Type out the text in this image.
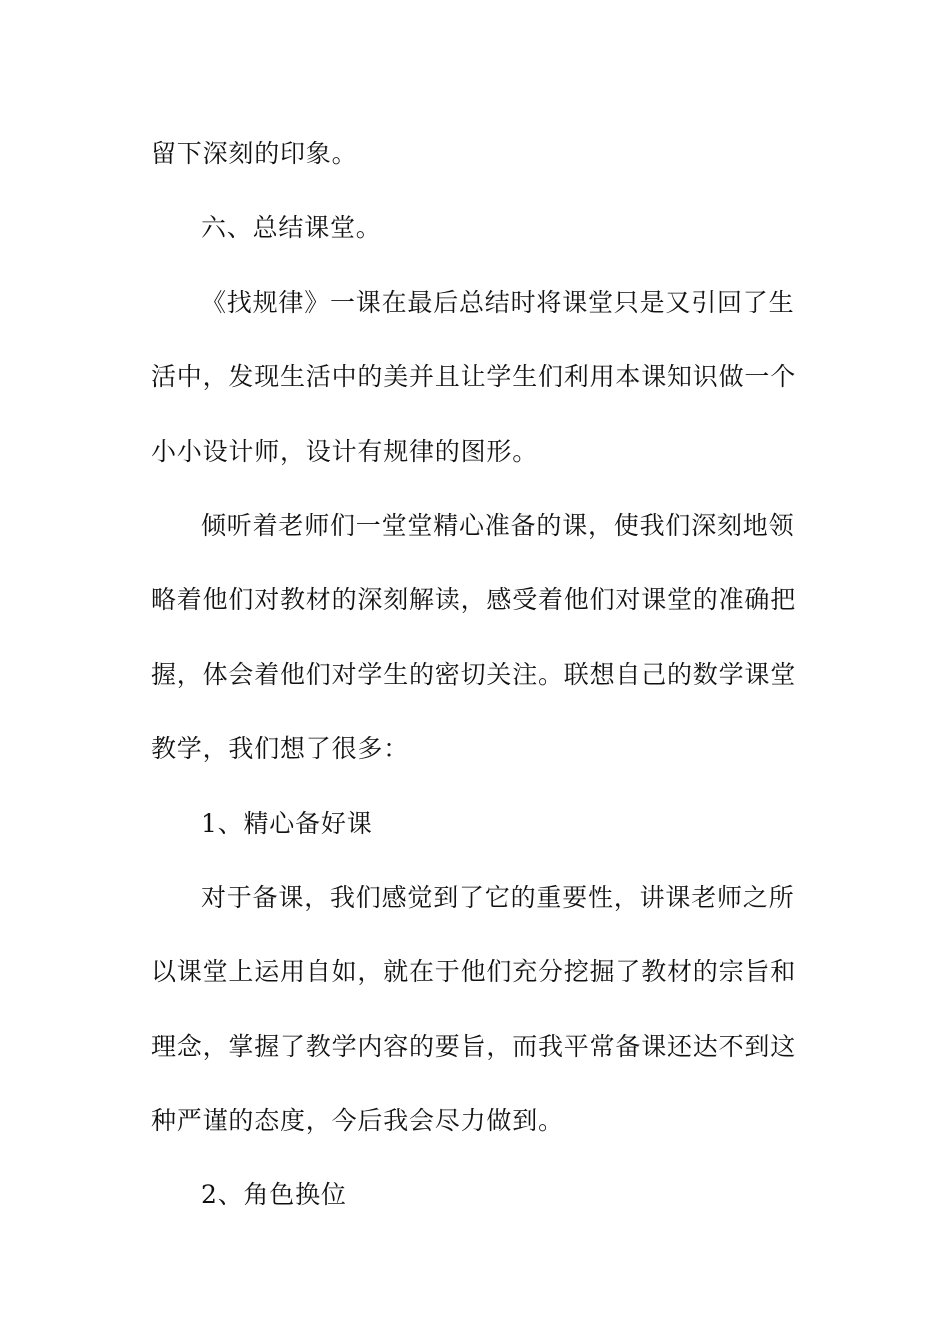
留下深刻的印象。
六、总结课堂。
《找规律》一课在最后总结时将课堂只是又引回了生
活中，发现生活中的美并且让学生们利用本课知识做一个
小小设计师，设计有规律的图形。
倾听着老师们一堂堂精心准备的课，使我们深刻地领
略着他们对教材的深刻解读，感受着他们对课堂的准确把
握，体会着他们对学生的密切关注。联想自己的数学课堂
教学，我们想了很多：
1、精心备好课
对于备课，我们感觉到了它的重要性，讲课老师之所
以课堂上运用自如，就在于他们充分挖掘了教材的宗旨和
理念，掌握了教学内容的要旨，而我平常备课还达不到这
种严谨的态度，今后我会尽力做到。
2、角色换位
